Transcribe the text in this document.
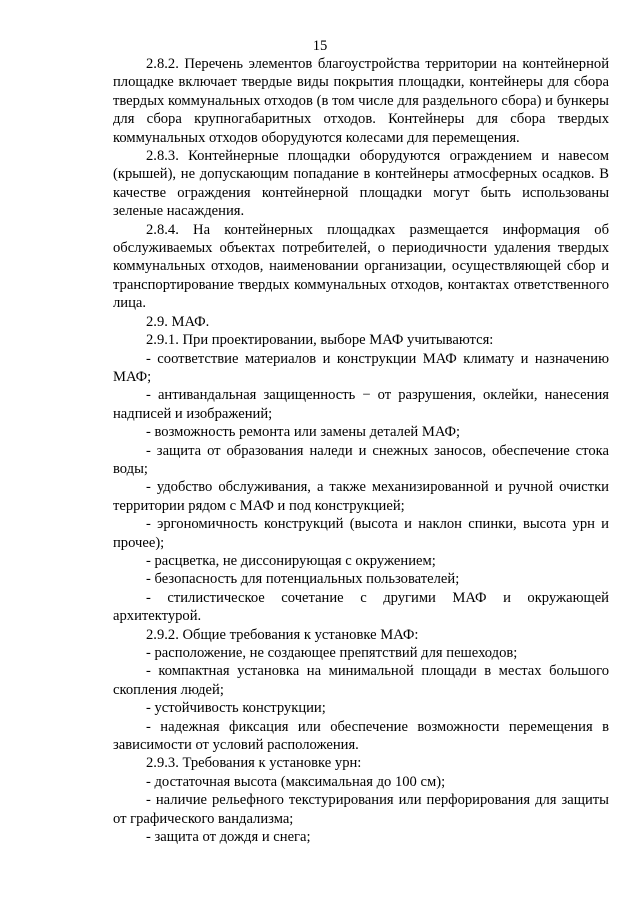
15

2.8.2. Перечень элементов благоустройства территории на контейнерной площадке включает твердые виды покрытия площадки, контейнеры для сбора твердых коммунальных отходов (в том числе для раздельного сбора) и бункеры для сбора крупногабаритных отходов. Контейнеры для сбора твердых коммунальных отходов оборудуются колесами для перемещения.

2.8.3. Контейнерные площадки оборудуются ограждением и навесом (крышей), не допускающим попадание в контейнеры атмосферных осадков. В качестве ограждения контейнерной площадки могут быть использованы зеленые насаждения.

2.8.4. На контейнерных площадках размещается информация об обслуживаемых объектах потребителей, о периодичности удаления твердых коммунальных отходов, наименовании организации, осуществляющей сбор и транспортирование твердых коммунальных отходов, контактах ответственного лица.

2.9. МАФ.

2.9.1. При проектировании, выборе МАФ учитываются:

- соответствие материалов и конструкции МАФ климату и назначению МАФ;

- антивандальная защищенность − от разрушения, оклейки, нанесения надписей и изображений;

- возможность ремонта или замены деталей МАФ;

- защита от образования наледи и снежных заносов, обеспечение стока воды;

- удобство обслуживания, а также механизированной и ручной очистки территории рядом с МАФ и под конструкцией;

- эргономичность конструкций (высота и наклон спинки, высота урн и прочее);

- расцветка, не диссонирующая с окружением;

- безопасность для потенциальных пользователей;

- стилистическое сочетание с другими МАФ и окружающей архитектурой.

2.9.2. Общие требования к установке МАФ:

- расположение, не создающее препятствий для пешеходов;

- компактная установка на минимальной площади в местах большого скопления людей;

- устойчивость конструкции;

- надежная фиксация или обеспечение возможности перемещения в зависимости от условий расположения.

2.9.3. Требования к установке урн:

- достаточная высота (максимальная до 100 см);

- наличие рельефного текстурирования или перфорирования для защиты от графического вандализма;

- защита от дождя и снега;
